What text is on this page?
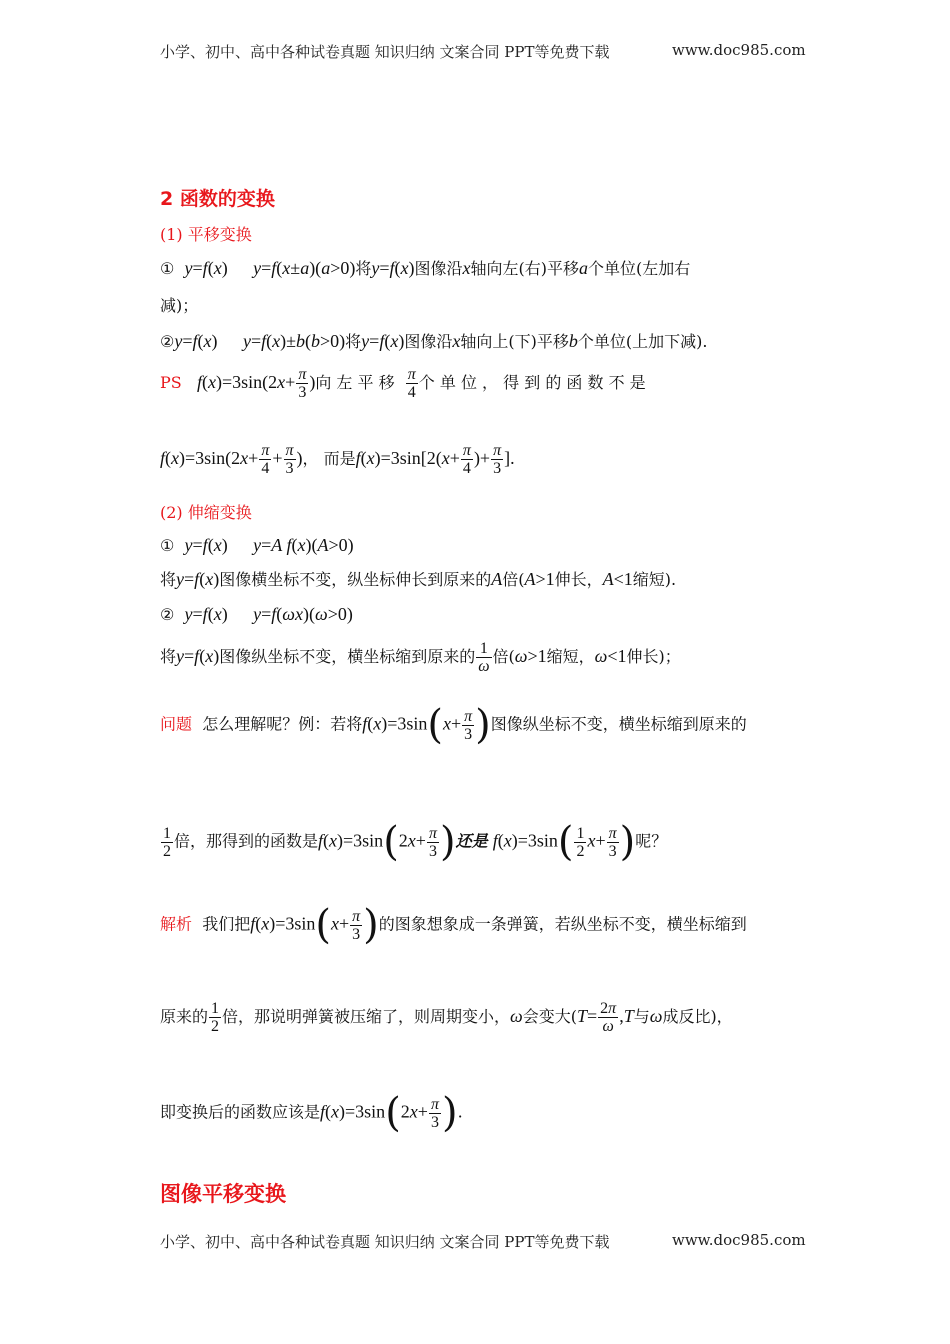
小学、初中、高中各种试卷真题 知识归纳 文案合同 PPT等免费下载	www.doc985.com
2 函数的变换
(1) 平移变换
① y=f(x) y=f(x±a)(a>0)将y=f(x)图像沿x轴向左(右)平移a个单位(左加右
减)；
②y=f(x) y=f(x)±b(b>0)将y=f(x)图像沿x轴向上(下)平移b个单位(上加下减).
PS $f(x)=3\sin(2x+ \frac{\pi}{3}$ )向 左 平 移 $\frac{\pi}{4}$ 个 单 位 ， 得 到 的 函 数 不 是
$f(x)=3\sin(2x+ \frac{\pi}{4} + \frac{\pi}{3}$ )， 而是$f(x)=3\sin[2(x+ \frac{\pi}{4}$ )+ $\frac{\pi}{3}$ ].
(2) 伸缩变换
① y=f(x) y=A f(x)(A>0)
将y=f(x)图像横坐标不变，纵坐标伸长到原来的A倍(A>1伸长，A<1缩短).
② y=f(x) y=f(ωx)(ω>0)
将y=f(x)图像纵坐标不变，横坐标缩到原来的 $\frac{1}{\omega}$ 倍(ω>1缩短，ω<1伸长)；
问题 怎么理解呢？例：若将$f(x)=3\sin(x+ \frac{\pi}{3}$ )图像纵坐标不变，横坐标缩到原来的
$\frac{1}{2}$ 倍，那得到的函数是$f(x)=3\sin(2x+ \frac{\pi}{3}$ )还是 $f(x)=3\sin( \frac{1}{2} x+ \frac{\pi}{3}$ )呢？
解析 我们把$f(x)=3\sin(x+ \frac{\pi}{3}$ )的图象想象成一条弹簧，若纵坐标不变，横坐标缩到
原来的 $\frac{1}{2}$ 倍，那说明弹簧被压缩了，则周期变小，ω会变大($T= \frac{2\pi}{\omega} ,T$与ω成反比)，
即变换后的函数应该是$f(x)=3\sin(2x+ \frac{\pi}{3}$ ).
图像平移变换
小学、初中、高中各种试卷真题 知识归纳 文案合同 PPT等免费下载	www.doc985.com
